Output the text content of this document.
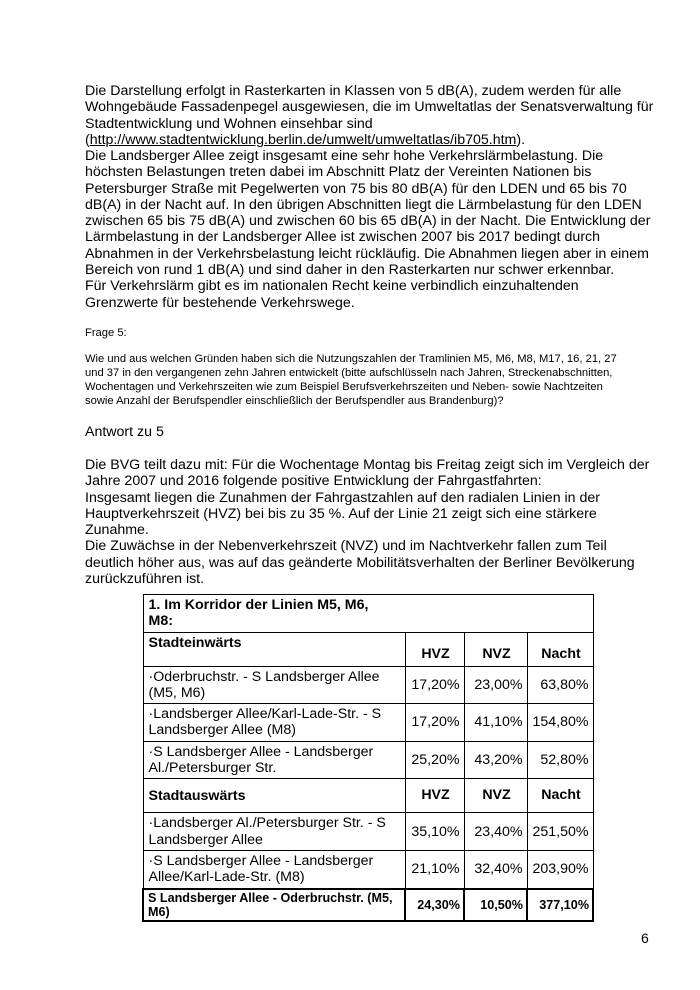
Die Darstellung erfolgt in Rasterkarten in Klassen von 5 dB(A), zudem werden für alle
Wohngebäude Fassadenpegel ausgewiesen, die im Umweltatlas der Senatsverwaltung für
Stadtentwicklung und Wohnen einsehbar sind
(http://www.stadtentwicklung.berlin.de/umwelt/umweltatlas/ib705.htm).
Die Landsberger Allee zeigt insgesamt eine sehr hohe Verkehrslärmbelastung. Die
höchsten Belastungen treten dabei im Abschnitt Platz der Vereinten Nationen bis
Petersburger Straße mit Pegelwerten von 75 bis 80 dB(A) für den LDEN und 65 bis 70
dB(A) in der Nacht auf. In den übrigen Abschnitten liegt die Lärmbelastung für den LDEN
zwischen 65 bis 75 dB(A) und zwischen 60 bis 65 dB(A) in der Nacht. Die Entwicklung der
Lärmbelastung in der Landsberger Allee ist zwischen 2007 bis 2017 bedingt durch
Abnahmen in der Verkehrsbelastung leicht rückläufig. Die Abnahmen liegen aber in einem
Bereich von rund 1 dB(A) und sind daher in den Rasterkarten nur schwer erkennbar.
Für Verkehrslärm gibt es im nationalen Recht keine verbindlich einzuhaltenden
Grenzwerte für bestehende Verkehrswege.
Frage 5:
Wie und aus welchen Gründen haben sich die Nutzungszahlen der Tramlinien M5, M6, M8, M17, 16, 21, 27
und 37 in den vergangenen zehn Jahren entwickelt (bitte aufschlüsseln nach Jahren, Streckenabschnitten,
Wochentagen und Verkehrszeiten wie zum Beispiel Berufsverkehrszeiten und Neben- sowie Nachtzeiten
sowie Anzahl der Berufspendler einschließlich der Berufspendler aus Brandenburg)?
Antwort zu 5
Die BVG teilt dazu mit: Für die Wochentage Montag bis Freitag zeigt sich im Vergleich der
Jahre 2007 und 2016 folgende positive Entwicklung der Fahrgastfahrten:
Insgesamt liegen die Zunahmen der Fahrgastzahlen auf den radialen Linien in der
Hauptverkehrszeit (HVZ) bei bis zu 35 %. Auf der Linie 21 zeigt sich eine stärkere
Zunahme.
Die Zuwächse in der Nebenverkehrszeit (NVZ) und im Nachtverkehr fallen zum Teil
deutlich höher aus, was auf das geänderte Mobilitätsverhalten der Berliner Bevölkerung
zurückzuführen ist.
1. Im Korridor der Linien M5, M6,
M8:			

Stadteinwärts	HVZ	NVZ	Nacht

·Oderbruchstr. - S Landsberger Allee
(M5, M6)	17,20%	23,00%	63,80%

·Landsberger Allee/Karl-Lade-Str. - S
Landsberger Allee (M8)	17,20%	41,10%	154,80%

·S Landsberger Allee - Landsberger
Al./Petersburger Str.	25,20%	43,20%	52,80%
Stadtauswärts	HVZ	NVZ	Nacht

·Landsberger Al./Petersburger Str. - S
Landsberger Allee	35,10%	23,40%	251,50%

·S Landsberger Allee - Landsberger
Allee/Karl-Lade-Str. (M8)	21,10%	32,40%	203,90%

S Landsberger Allee - Oderbruchstr. (M5,
M6)	24,30%	10,50%	377,10%
6
